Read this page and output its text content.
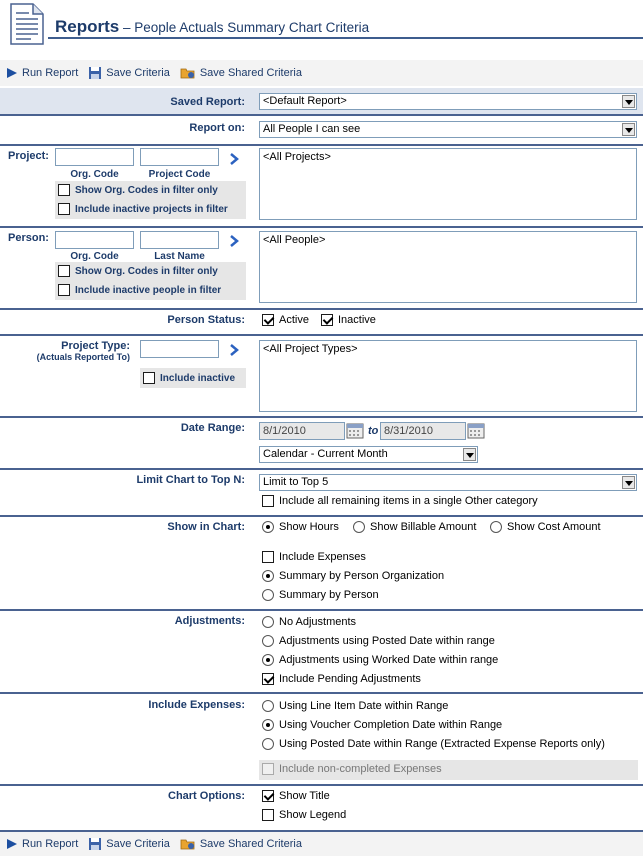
Reports – People Actuals Summary Chart Criteria
Run Report	Save Criteria	Save Shared Criteria
Saved Report:	<Default Report>
Report on:	All People I can see
Project:
Org. Code	Project Code
Show Org. Codes in filter only
Include inactive projects in filter
<All Projects>
Person:
Org. Code	Last Name
Show Org. Codes in filter only
Include inactive people in filter
<All People>
Person Status:	Active	Inactive
Project Type:
(Actuals Reported To)
Include inactive
<All Project Types>
Date Range:	8/1/2010	to 8/31/2010
Calendar - Current Month
Limit Chart to Top N:	Limit to Top 5
Include all remaining items in a single Other category
Show in Chart:	Show Hours	Show Billable Amount	Show Cost Amount
Include Expenses
Summary by Person Organization
Summary by Person
Adjustments:	No Adjustments
Adjustments using Posted Date within range
Adjustments using Worked Date within range
Include Pending Adjustments
Include Expenses:	Using Line Item Date within Range
Using Voucher Completion Date within Range
Using Posted Date within Range (Extracted Expense Reports only)
Include non-completed Expenses
Chart Options:	Show Title
Show Legend
Run Report	Save Criteria	Save Shared Criteria
